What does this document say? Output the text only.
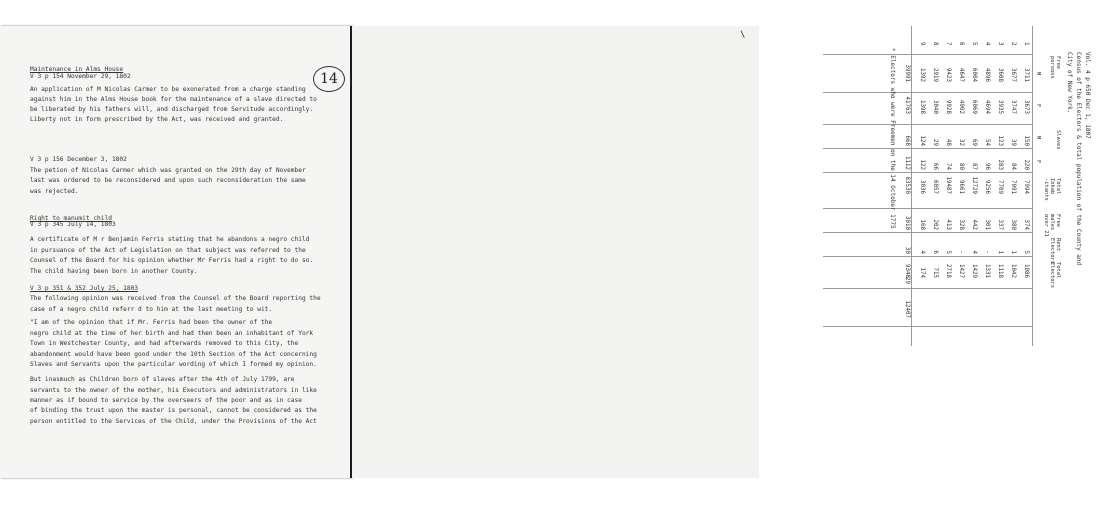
14
Maintenance in Alms House
V 3 p 154 November 29, 1802
An application of M Nicolas Carmer to be exonerated from a charge standing
against him in the Alms House book for the maintenance of a slave directed to
be liberated by his fathers will, and discharged from Servitude accordingly.
Liberty not in form prescribed by the Act, was received and granted.
V 3 p 156 December 3, 1802
The petion of Nicolas Carmer which was granted on the 29th day of November
last was ordered to be reconsidered and upon such reconsideration the same
was rejected.
Right to manumit child
V 3 p 345 July 14, 1803
A certificate of M r Benjamin Ferris stating that he abandons a negro child
in pursuance of the Act of Legislation on that subject was referred to the
Counsel of the Board for his opinion whether Mr Ferris had a right to do so.
The child having been born in another County.
V 3 p 351 & 352 July 25, 1803
The following opinion was received from the Counsel of the Board reporting the
case of a negro child referr d to him at the last meeting to wit.
"I am of the opinion that if Mr. Ferris had been the owner of the
negro child at the time of her birth and had then been an inhabitant of York
Town in Westchester County, and had afterwards removed to this City, the
abandonment would have been good under the 10th Section of the Act concerning
Slaves and Servants upon the particular wording of which I formed my opinion.
But inasmuch as Children born of slaves after the 4th of July 1799, are
servants to the owner of the mother, his Executors and administrators in like
manner as if bound to service by the overseers of the poor and as in case
of binding the trust upon the master is personal, cannot be considered as the
person entitled to the Services of the Child, under the Provisions of the Act
Vol. 4 p 650 Dec 1, 1807
Census of the Electors & total population of the County and
City of New York.
Free
persons
Slaves
Total
Inhab
-itants
Free
males
over 21
Rent
Electors
Total
Electors
M
F
M
F
1
3711
3673
150
220
7994
374
5
1086
2
3677
3747
39
84
7091
380
1
1042
3
3608
3935
123
283
7709
337
1
1118
4
4896
4694
54
96
9256
301
-
1331
5
6004
6069
69
87
12729
442
4
1429
6
4647
4902
32
80
9661
328
-
1427
7
9423
9928
48
74
19487
413
5
2718
8
2919
3040
29
66
6057
202
6
715
9
1392
1398
124
122
3036
168
4
174
39991
41763
668
1112
83530
3010
30
9348
29
12407
* Electors who were Freemen on the 14 October 1775
\
